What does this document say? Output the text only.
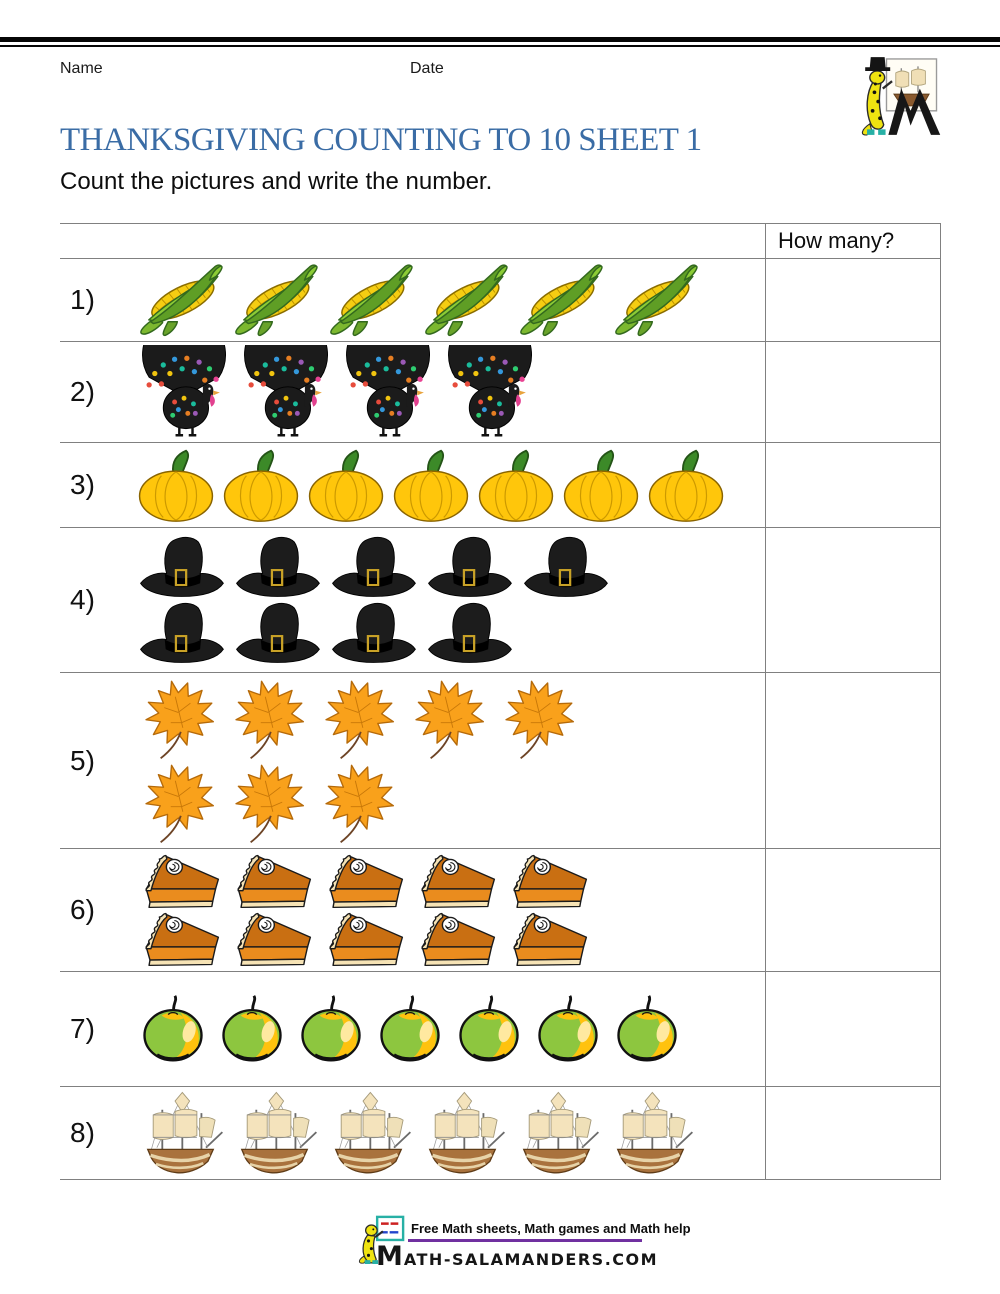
Name	Date
THANKSGIVING COUNTING TO 10 SHEET 1

Count the pictures and write the number.

How many?
1)
2)
3)
4)
5)
6)
7)
8)
Free Math sheets, Math games and Math help
MATH-SALAMANDERS.COM
